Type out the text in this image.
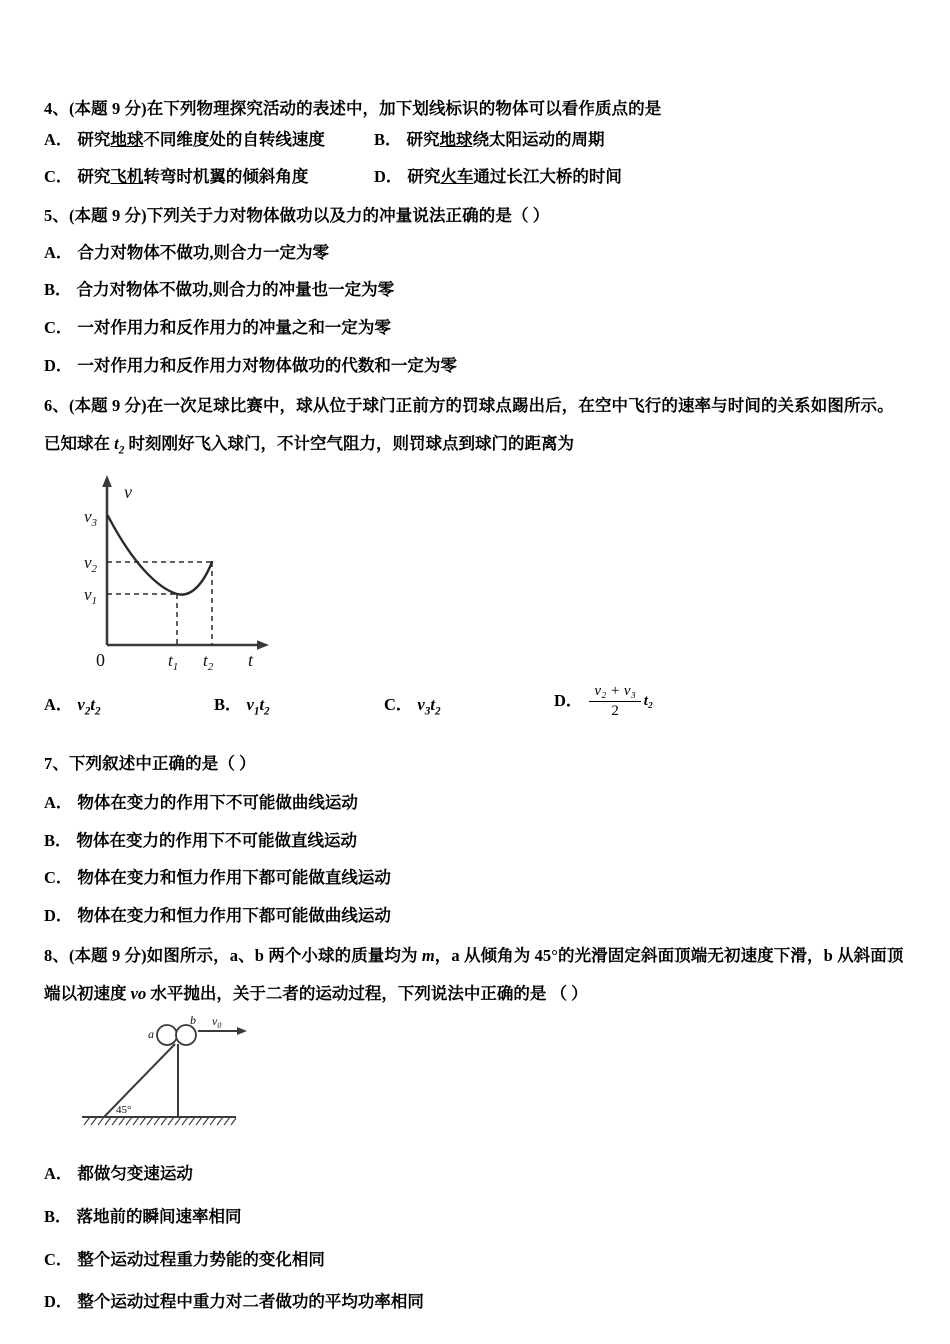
4、(本题 9 分)在下列物理探究活动的表述中，加下划线标识的物体可以看作质点的是

A． 研究地球不同维度处的自转线速度	B． 研究地球绕太阳运动的周期
C． 研究飞机转弯时机翼的倾斜角度	D． 研究火车通过长江大桥的时间

5、(本题 9 分)下列关于力对物体做功以及力的冲量说法正确的是（ ）

A． 合力对物体不做功,则合力一定为零
B． 合力对物体不做功,则合力的冲量也一定为零
C． 一对作用力和反作用力的冲量之和一定为零
D． 一对作用力和反作用力对物体做功的代数和一定为零

6、(本题 9 分)在一次足球比赛中，球从位于球门正前方的罚球点踢出后，在空中飞行的速率与时间的关系如图所示。

已知球在 $t_2$ 时刻刚好飞入球门，不计空气阻力，则罚球点到球门的距离为

$v_3$
$v_2$
$v_1$
0	$t_1$ $t_2$ t
v
A． $v_2t_2$	B． $v_1t_2$	C． $v_3t_2$
D． $\frac{\text{v₂ + v₃}}{2} t_2$

7、下列叙述中正确的是（ ）

A． 物体在变力的作用下不可能做曲线运动
B． 物体在变力的作用下不可能做直线运动
C． 物体在变力和恒力作用下都可能做直线运动
D． 物体在变力和恒力作用下都可能做曲线运动

8、(本题 9 分)如图所示，a、b 两个小球的质量均为 m，a 从倾角为 45°的光滑固定斜面顶端无初速度下滑，b 从斜面顶

端以初速度 vo 水平抛出，关于二者的运动过程，下列说法中正确的是 （ ）

a
b $v_0$
45°
A． 都做匀变速运动
B． 落地前的瞬间速率相同
C． 整个运动过程重力势能的变化相同
D． 整个运动过程中重力对二者做功的平均功率相同
